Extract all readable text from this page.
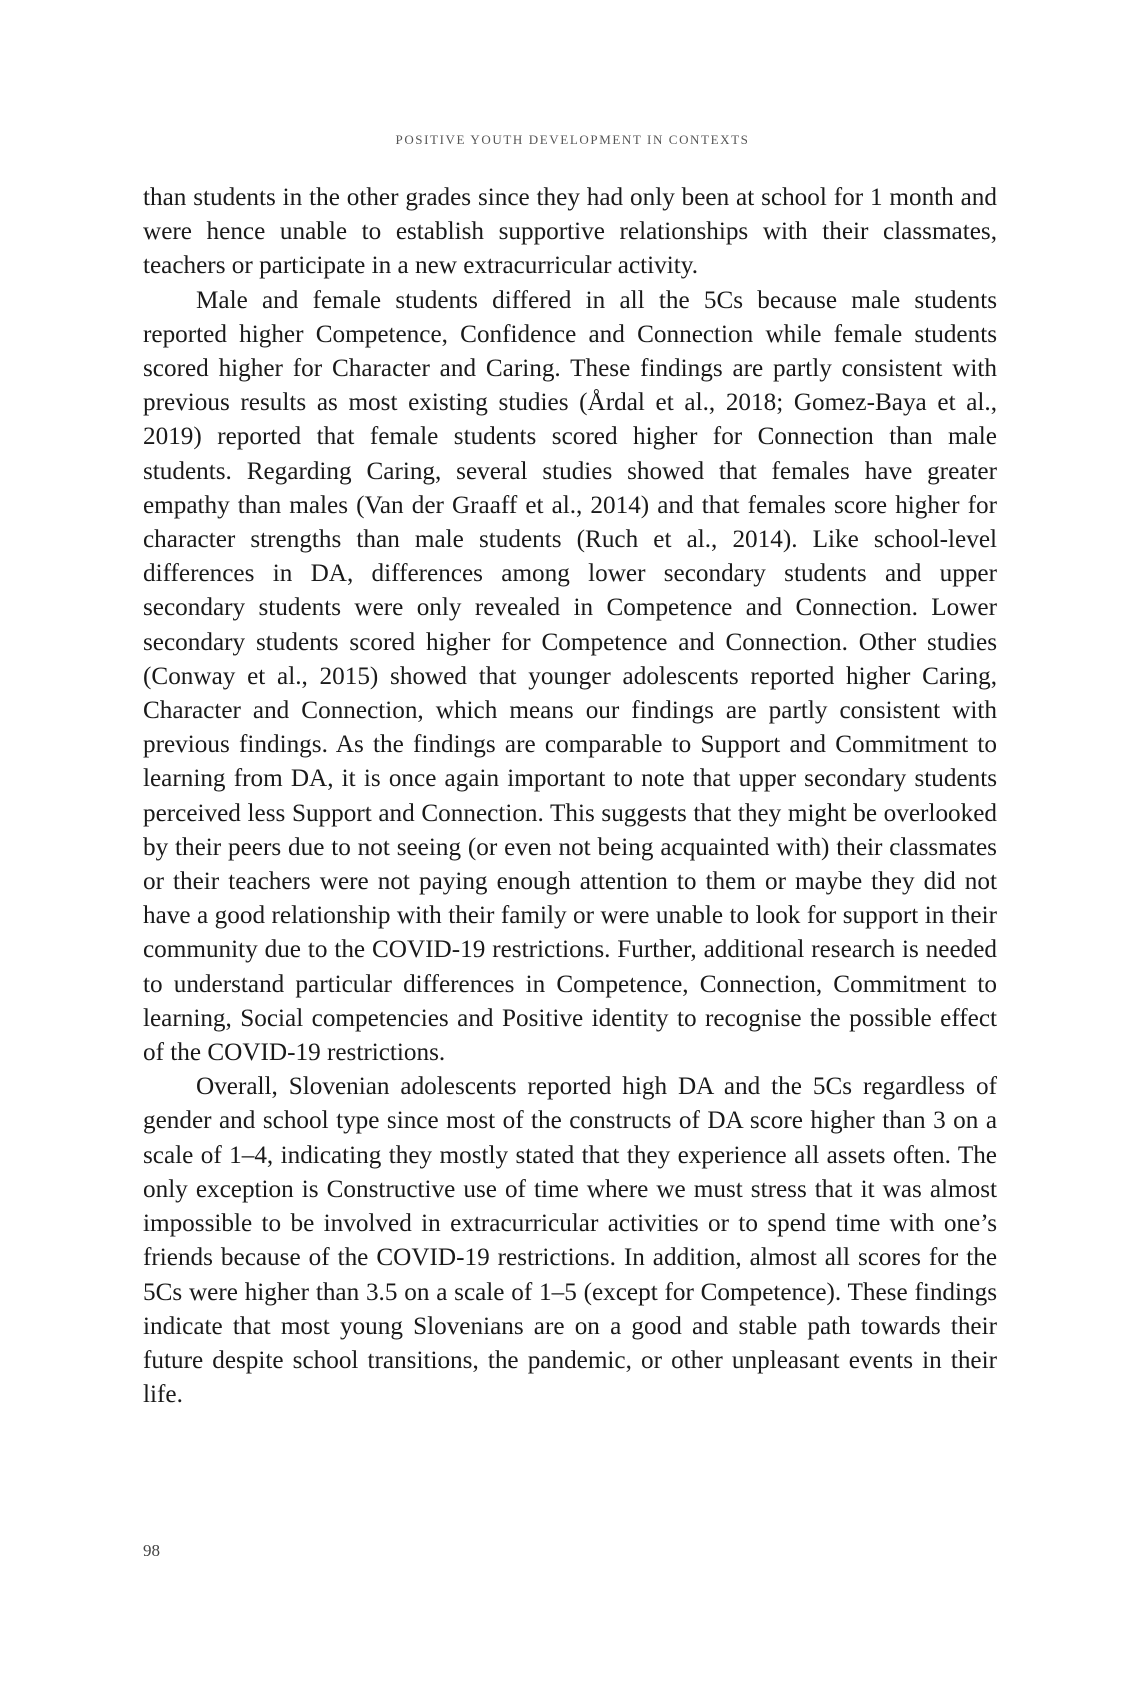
POSITIVE YOUTH DEVELOPMENT IN CONTEXTS

than students in the other grades since they had only been at school for 1 month and were hence unable to establish supportive relationships with their classmates, teachers or participate in a new extracurricular activity.

Male and female students differed in all the 5Cs because male students reported higher Competence, Confidence and Connection while female students scored higher for Character and Caring. These findings are partly consistent with previous results as most existing studies (Årdal et al., 2018; Gomez-Baya et al., 2019) reported that female students scored higher for Connection than male students. Regarding Caring, several studies showed that females have greater empathy than males (Van der Graaff et al., 2014) and that females score higher for character strengths than male students (Ruch et al., 2014). Like school-level differences in DA, differences among lower secondary students and upper secondary students were only revealed in Competence and Connection. Lower secondary students scored higher for Competence and Connection. Other studies (Conway et al., 2015) showed that younger adolescents reported higher Caring, Character and Connection, which means our findings are partly consistent with previous findings. As the findings are comparable to Support and Commitment to learning from DA, it is once again important to note that upper secondary students perceived less Support and Connection. This suggests that they might be overlooked by their peers due to not seeing (or even not being acquainted with) their classmates or their teachers were not paying enough attention to them or maybe they did not have a good relationship with their family or were unable to look for support in their community due to the COVID-19 restrictions. Further, additional research is needed to understand particular differences in Competence, Connection, Commitment to learning, Social competencies and Positive identity to recognise the possible effect of the COVID-19 restrictions.

Overall, Slovenian adolescents reported high DA and the 5Cs regardless of gender and school type since most of the constructs of DA score higher than 3 on a scale of 1–4, indicating they mostly stated that they experience all assets often. The only exception is Constructive use of time where we must stress that it was almost impossible to be involved in extracurricular activities or to spend time with one’s friends because of the COVID-19 restrictions. In addition, almost all scores for the 5Cs were higher than 3.5 on a scale of 1–5 (except for Competence). These findings indicate that most young Slovenians are on a good and stable path towards their future despite school transitions, the pandemic, or other unpleasant events in their life.

98
